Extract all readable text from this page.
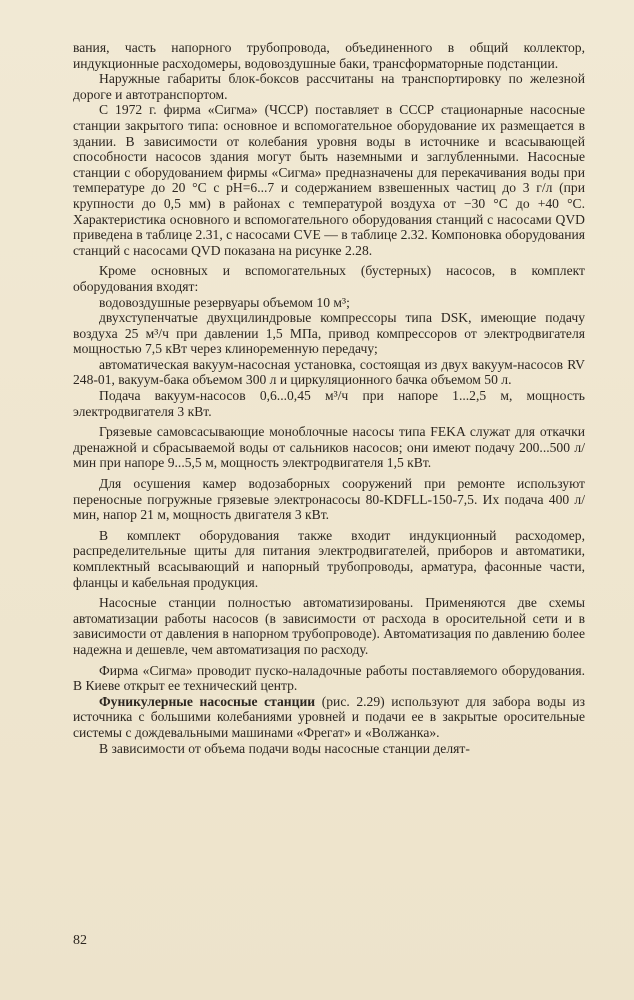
вания, часть напорного трубопровода, объединенного в общий коллектор, индукционные расходомеры, водовоздушные баки, трансформаторные подстанции.

Наружные габариты блок-боксов рассчитаны на транспортировку по железной дороге и автотранспортом.

С 1972 г. фирма «Сигма» (ЧССР) поставляет в СССР стационарные насосные станции закрытого типа: основное и вспомогательное оборудование их размещается в здании. В зависимости от колебания уровня воды в источнике и всасывающей способности насосов здания могут быть наземными и заглубленными. Насосные станции с оборудованием фирмы «Сигма» предназначены для перекачивания воды при температуре до 20 °С с pH=6...7 и содержанием взвешенных частиц до 3 г/л (при крупности до 0,5 мм) в районах с температурой воздуха от −30 °С до +40 °С. Характеристика основного и вспомогательного оборудования станций с насосами QVD приведена в таблице 2.31, с насосами CVE — в таблице 2.32. Компоновка оборудования станций с насосами QVD показана на рисунке 2.28.

Кроме основных и вспомогательных (бустерных) насосов, в комплект оборудования входят:

водовоздушные резервуары объемом 10 м³;

двухступенчатые двухцилиндровые компрессоры типа DSK, имеющие подачу воздуха 25 м³/ч при давлении 1,5 МПа, привод компрессоров от электродвигателя мощностью 7,5 кВт через клиноременную передачу;

автоматическая вакуум-насосная установка, состоящая из двух вакуум-насосов RV 248-01, вакуум-бака объемом 300 л и циркуляционного бачка объемом 50 л.

Подача вакуум-насосов 0,6...0,45 м³/ч при напоре 1...2,5 м, мощность электродвигателя 3 кВт.

Грязевые самовсасывающие моноблочные насосы типа FEKA служат для откачки дренажной и сбрасываемой воды от сальников насосов; они имеют подачу 200...500 л/мин при напоре 9...5,5 м, мощность электродвигателя 1,5 кВт.

Для осушения камер водозаборных сооружений при ремонте используют переносные погружные грязевые электронасосы 80-KDFLL-150-7,5. Их подача 400 л/мин, напор 21 м, мощность двигателя 3 кВт.

В комплект оборудования также входит индукционный расходомер, распределительные щиты для питания электродвигателей, приборов и автоматики, комплектный всасывающий и напорный трубопроводы, арматура, фасонные части, фланцы и кабельная продукция.

Насосные станции полностью автоматизированы. Применяются две схемы автоматизации работы насосов (в зависимости от расхода в оросительной сети и в зависимости от давления в напорном трубопроводе). Автоматизация по давлению более надежна и дешевле, чем автоматизация по расходу.

Фирма «Сигма» проводит пуско-наладочные работы поставляемого оборудования. В Киеве открыт ее технический центр.

Фуникулерные насосные станции (рис. 2.29) используют для забора воды из источника с большими колебаниями уровней и подачи ее в закрытые оросительные системы с дождевальными машинами «Фрегат» и «Волжанка».

В зависимости от объема подачи воды насосные станции делят-

82
